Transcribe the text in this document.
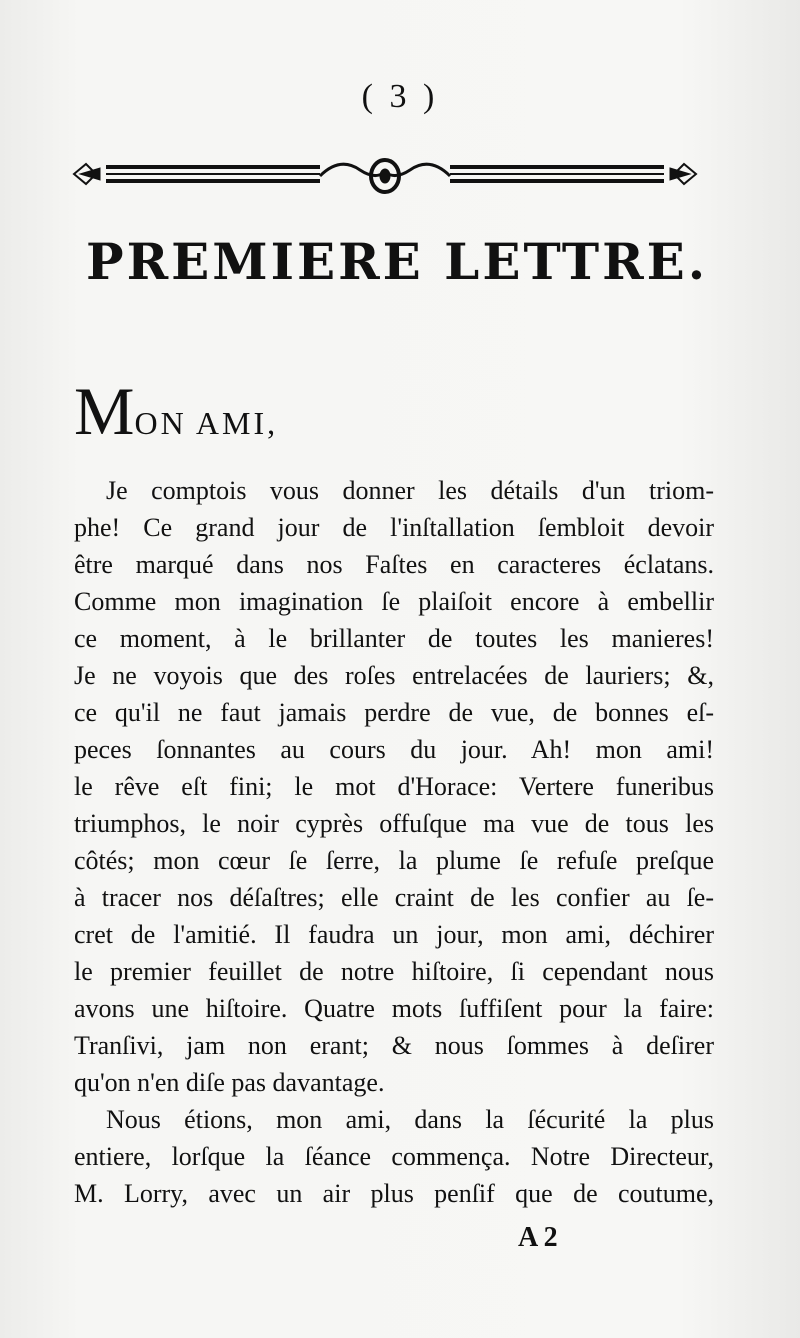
( 3 )
PREMIERE LETTRE.
MON AMI,
Je comptois vous donner les détails d'un triom-
phe! Ce grand jour de l'inſtallation ſembloit devoir
être marqué dans nos Faſtes en caracteres éclatans.
Comme mon imagination ſe plaiſoit encore à embellir
ce moment, à le brillanter de toutes les manieres!
Je ne voyois que des roſes entrelacées de lauriers; &,
ce qu'il ne faut jamais perdre de vue, de bonnes eſ-
peces ſonnantes au cours du jour. Ah! mon ami!
le rêve eſt fini; le mot d'Horace: Vertere funeribus
triumphos, le noir cyprès offuſque ma vue de tous les
côtés; mon cœur ſe ſerre, la plume ſe refuſe preſque
à tracer nos déſaſtres; elle craint de les confier au ſe-
cret de l'amitié. Il faudra un jour, mon ami, déchirer
le premier feuillet de notre hiſtoire, ſi cependant nous
avons une hiſtoire. Quatre mots ſuffiſent pour la faire:
Tranſivi, jam non erant; & nous ſommes à deſirer
qu'on n'en diſe pas davantage.
Nous étions, mon ami, dans la ſécurité la plus
entiere, lorſque la ſéance commença. Notre Directeur,
M. Lorry, avec un air plus penſif que de coutume,
A 2
